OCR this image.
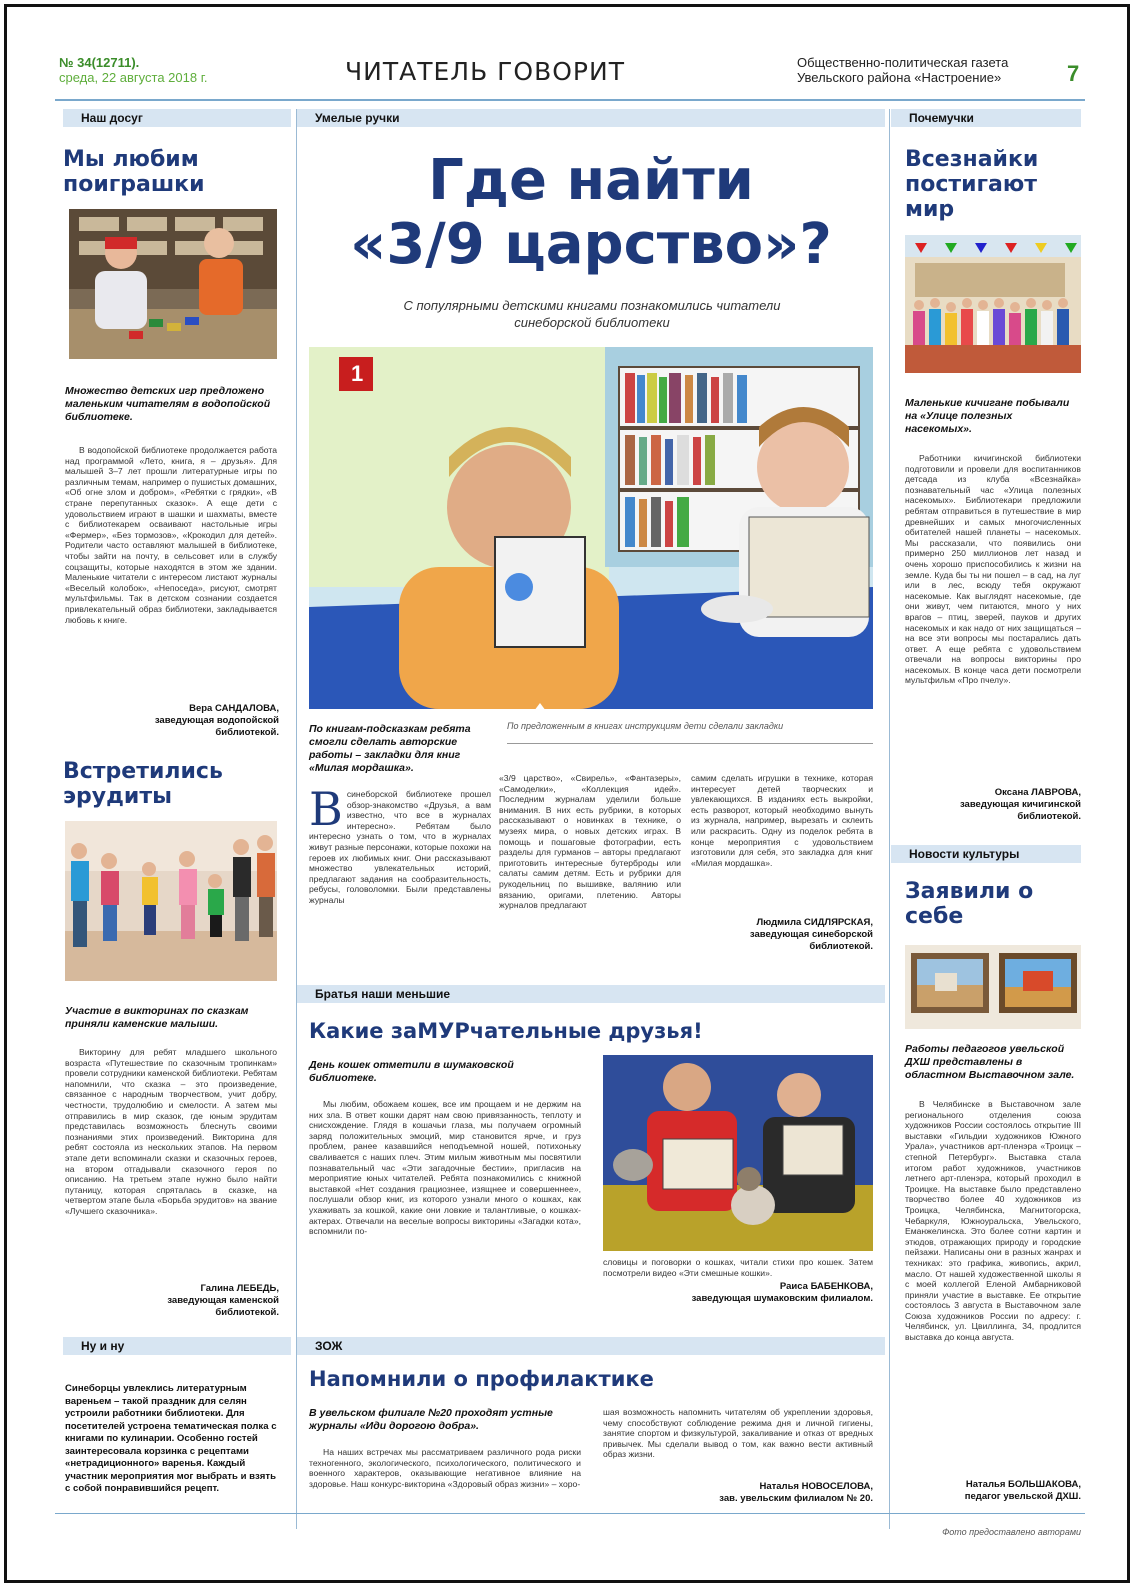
№ 34(12711).
среда, 22 августа 2018 г.	ЧИТАТЕЛЬ ГОВОРИТ	Общественно-политическая газета
Увельского района «Настроение»	7
Наш досуг	Умелые ручки	Почемучки
Мы любим поиграшки
Множество детских игр предложено маленьким читателям в водопойской библиотеке.

В водопойской библиотеке продолжается работа над программой «Лето, книга, я – друзья». Для малышей 3–7 лет прошли литературные игры по различным темам, например о пушистых домашних, «Об огне злом и добром», «Ребятки с грядки», «В стране перепутанных сказок». А еще дети с удовольствием играют в шашки и шахматы, вместе с библиотекарем осваивают настольные игры «Фермер», «Без тормозов», «Крокодил для детей». Родители часто оставляют малышей в библиотеке, чтобы зайти на почту, в сельсовет или в службу соцзащиты, которые находятся в этом же здании. Маленькие читатели с интересом листают журналы «Веселый колобок», «Непоседа», рисуют, смотрят мультфильмы. Так в детском сознании создается привлекательный образ библиотеки, закладывается любовь к книге.

Вера САНДАЛОВА,
заведующая водопойской библиотекой.
Встретились эрудиты
Участие в викторинах по сказкам приняли каменские малыши.

Викторину для ребят младшего школьного возраста «Путешествие по сказочным тропинкам» провели сотрудники каменской библиотеки. Ребятам напомнили, что сказка – это произведение, связанное с народным творчеством, учит добру, честности, трудолюбию и смелости. А затем мы отправились в мир сказок, где юным эрудитам представилась возможность блеснуть своими познаниями этих произведений. Викторина для ребят состояла из нескольких этапов. На первом этапе дети вспоминали сказки и сказочных героев, на втором отгадывали сказочного героя по описанию. На третьем этапе нужно было найти путаницу, которая спряталась в сказке, на четвертом этапе была «Борьба эрудитов» на звание «Лучшего сказочника».

Галина ЛЕБЕДЬ,
заведующая каменской библиотекой.
Ну и ну
Синеборцы увлеклись литературным вареньем – такой праздник для селян устроили работники библиотеки. Для посетителей устроена тематическая полка с книгами по кулинарии. Особенно гостей заинтересовала корзинка с рецептами «нетрадиционного» варенья. Каждый участник мероприятия мог выбрать и взять с собой понравившийся рецепт.
Где найти
«3/9 царство»?
С популярными детскими книгами познакомились читатели синеборской библиотеки
1
По книгам-подсказкам ребята смогли сделать авторские работы – закладки для книг «Милая мордашка».
По предложенным в книгах инструкциям дети сделали закладки
Всинеборской библиотеке прошел обзор-знакомство «Друзья, а вам известно, что все в журналах интересно». Ребятам было интересно узнать о том, что в журналах живут разные персонажи, которые похожи на героев их любимых книг. Они рассказывают множество увлекательных историй, предлагают задания на сообразительность, ребусы, головоломки. Были представлены журналы
«3/9 царство», «Свирель», «Фантазеры», «Самоделки», «Коллекция идей». Последним журналам уделили больше внимания. В них есть рубрики, в которых рассказывают о новинках в технике, о музеях мира, о новых детских играх. В помощь и пошаговые фотографии, есть разделы для гурманов – авторы предлагают приготовить интересные бутерброды или салаты самим детям. Есть и рубрики для рукодельниц по вышивке, валянию или вязанию, оригами, плетению. Авторы журналов предлагают
самим сделать игрушки в технике, которая интересует детей творческих и увлекающихся. В изданиях есть выкройки, есть разворот, который необходимо вынуть из журнала, например, вырезать и склеить или раскрасить. Одну из поделок ребята в конце мероприятия с удовольствием изготовили для себя, это закладка для книг «Милая мордашка».
Людмила СИДЛЯРСКАЯ,
заведующая синеборской библиотекой.
Братья наши меньшие
Какие заМУРчательные друзья!
День кошек отметили в шумаковской библиотеке.

Мы любим, обожаем кошек, все им прощаем и не держим на них зла. В ответ кошки дарят нам свою привязанность, теплоту и снисхождение. Глядя в кошачьи глаза, мы получаем огромный заряд положительных эмоций, мир становится ярче, и груз проблем, ранее казавшийся неподъемной ношей, потихоньку сваливается с наших плеч. Этим милым животным мы посвятили познавательный час «Эти загадочные бестии», пригласив на мероприятие юных читателей. Ребята познакомились с книжной выставкой «Нет создания грациознее, изящнее и совершеннее», послушали обзор книг, из которого узнали много о кошках, как ухаживать за кошкой, какие они ловкие и талантливые, о кошках-актерах. Отвечали на веселые вопросы викторины «Загадки кота», вспомнили по-

словицы и поговорки о кошках, читали стихи про кошек. Затем посмотрели видео «Эти смешные кошки».
Раиса БАБЕНКОВА,
заведующая шумаковским филиалом.
ЗОЖ
Напомнили о профилактике
В увельском филиале №20 проходят устные журналы «Иди дорогою добра».

На наших встречах мы рассматриваем различного рода риски техногенного, экологического, психологического, политического и военного характеров, оказывающие негативное влияние на здоровье. Наш конкурс-викторина «Здоровый образ жизни» – хоро-

шая возможность напомнить читателям об укреплении здоровья, чему способствуют соблюдение режима дня и личной гигиены, занятие спортом и физкультурой, закаливание и отказ от вредных привычек. Мы сделали вывод о том, как важно вести активный образ жизни.
Наталья НОВОСЕЛОВА,
зав. увельским филиалом № 20.
Всезнайки постигают мир
Маленькие кичигане побывали на «Улице полезных насекомых».

Работники кичигинской библиотеки подготовили и провели для воспитанников детсада из клуба «Всезнайка» познавательный час «Улица полезных насекомых». Библиотекари предложили ребятам отправиться в путешествие в мир древнейших и самых многочисленных обитателей нашей планеты – насекомых. Мы рассказали, что появились они примерно 250 миллионов лет назад и очень хорошо приспособились к жизни на земле. Куда бы ты ни пошел – в сад, на луг или в лес, всюду тебя окружают насекомые. Как выглядят насекомые, где они живут, чем питаются, много у них врагов – птиц, зверей, пауков и других насекомых и как надо от них защищаться – на все эти вопросы мы постарались дать ответ. А еще ребята с удовольствием отвечали на вопросы викторины про насекомых. В конце часа дети посмотрели мультфильм «Про пчелу».

Оксана ЛАВРОВА,
заведующая кичигинской библиотекой.
Новости культуры
Заявили о себе
Работы педагогов увельской ДХШ представлены в областном Выставочном зале.

В Челябинске в Выставочном зале регионального отделения союза художников России состоялось открытие III выставки «Гильдии художников Южного Урала», участников арт-пленэра «Троицк – степной Петербург». Выставка стала итогом работ художников, участников летнего арт-пленэра, который проходил в Троицке. На выставке было представлено творчество более 40 художников из Троицка, Челябинска, Магнитогорска, Чебаркуля, Южноуральска, Увельского, Еманжелинска. Это более сотни картин и этюдов, отражающих природу и городские пейзажи. Написаны они в разных жанрах и техниках: это графика, живопись, акрил, масло. От нашей художественной школы я с моей коллегой Еленой Амбарниковой приняли участие в выставке. Ее открытие состоялось 3 августа в Выставочном зале Союза художников России по адресу: г. Челябинск, ул. Цвиллинга, 34, продлится выставка до конца августа.

Наталья БОЛЬШАКОВА,
педагог увельской ДХШ.
Фото предоставлено авторами
